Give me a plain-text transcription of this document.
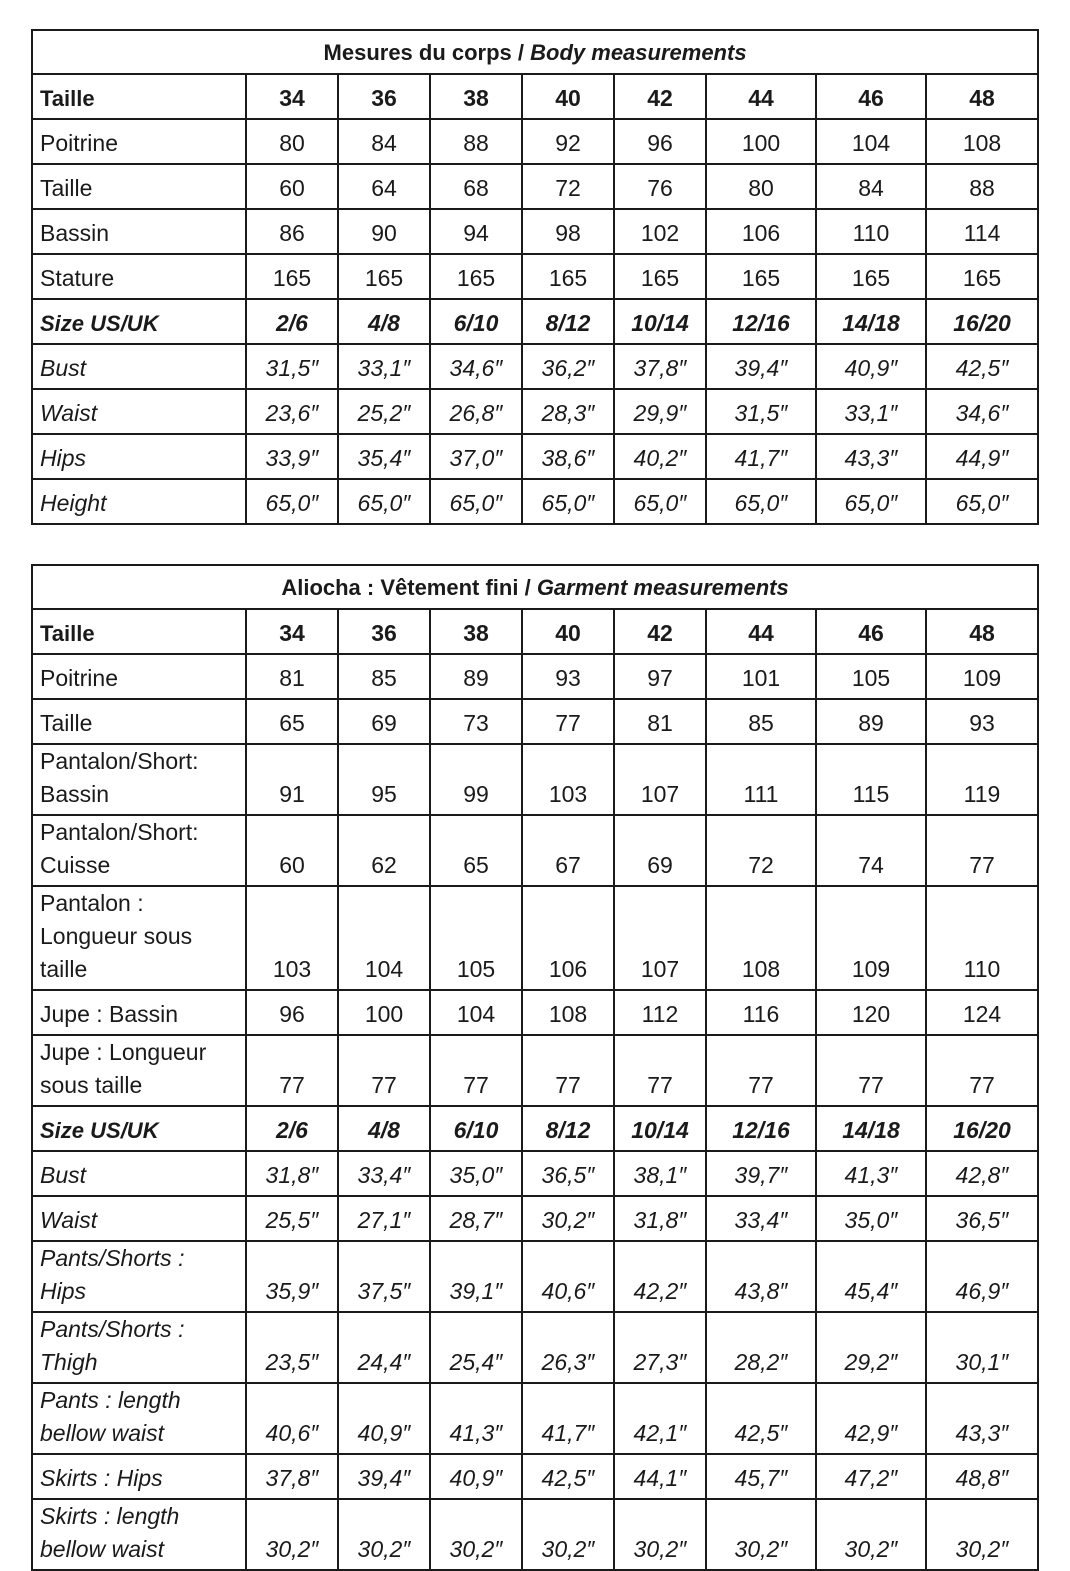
Mesures du corps / Body measurements								
Taille	34	36	38	40	42	44	46	48

Poitrine	80	84	88	92	96	100	104	108

Taille	60	64	68	72	76	80	84	88

Bassin	86	90	94	98	102	106	110	114

Stature	165	165	165	165	165	165	165	165
Size US/UK	2/6	4/8	6/10	8/12	10/14	12/16	14/18	16/20

Bust	31,5″	33,1″	34,6″	36,2″	37,8″	39,4″	40,9″	42,5″

Waist	23,6″	25,2″	26,8″	28,3″	29,9″	31,5″	33,1″	34,6″

Hips	33,9″	35,4″	37,0″	38,6″	40,2″	41,7″	43,3″	44,9″

Height	65,0″	65,0″	65,0″	65,0″	65,0″	65,0″	65,0″	65,0″
Aliocha : Vêtement fini / Garment measurements								
Taille	34	36	38	40	42	44	46	48

Poitrine	81	85	89	93	97	101	105	109

Taille	65	69	73	77	81	85	89	93

Pantalon/Short:
Bassin	91	95	99	103	107	111	115	119

Pantalon/Short:
Cuisse	60	62	65	67	69	72	74	77

Pantalon :
Longueur sous
taille	103	104	105	106	107	108	109	110

Jupe : Bassin	96	100	104	108	112	116	120	124

Jupe : Longueur
sous taille	77	77	77	77	77	77	77	77
Size US/UK	2/6	4/8	6/10	8/12	10/14	12/16	14/18	16/20

Bust	31,8″	33,4″	35,0″	36,5″	38,1″	39,7″	41,3″	42,8″

Waist	25,5″	27,1″	28,7″	30,2″	31,8″	33,4″	35,0″	36,5″

Pants/Shorts :
Hips	35,9″	37,5″	39,1″	40,6″	42,2″	43,8″	45,4″	46,9″

Pants/Shorts :
Thigh	23,5″	24,4″	25,4″	26,3″	27,3″	28,2″	29,2″	30,1″

Pants : length
bellow waist	40,6″	40,9″	41,3″	41,7″	42,1″	42,5″	42,9″	43,3″

Skirts : Hips	37,8″	39,4″	40,9″	42,5″	44,1″	45,7″	47,2″	48,8″

Skirts : length
bellow waist	30,2″	30,2″	30,2″	30,2″	30,2″	30,2″	30,2″	30,2″
